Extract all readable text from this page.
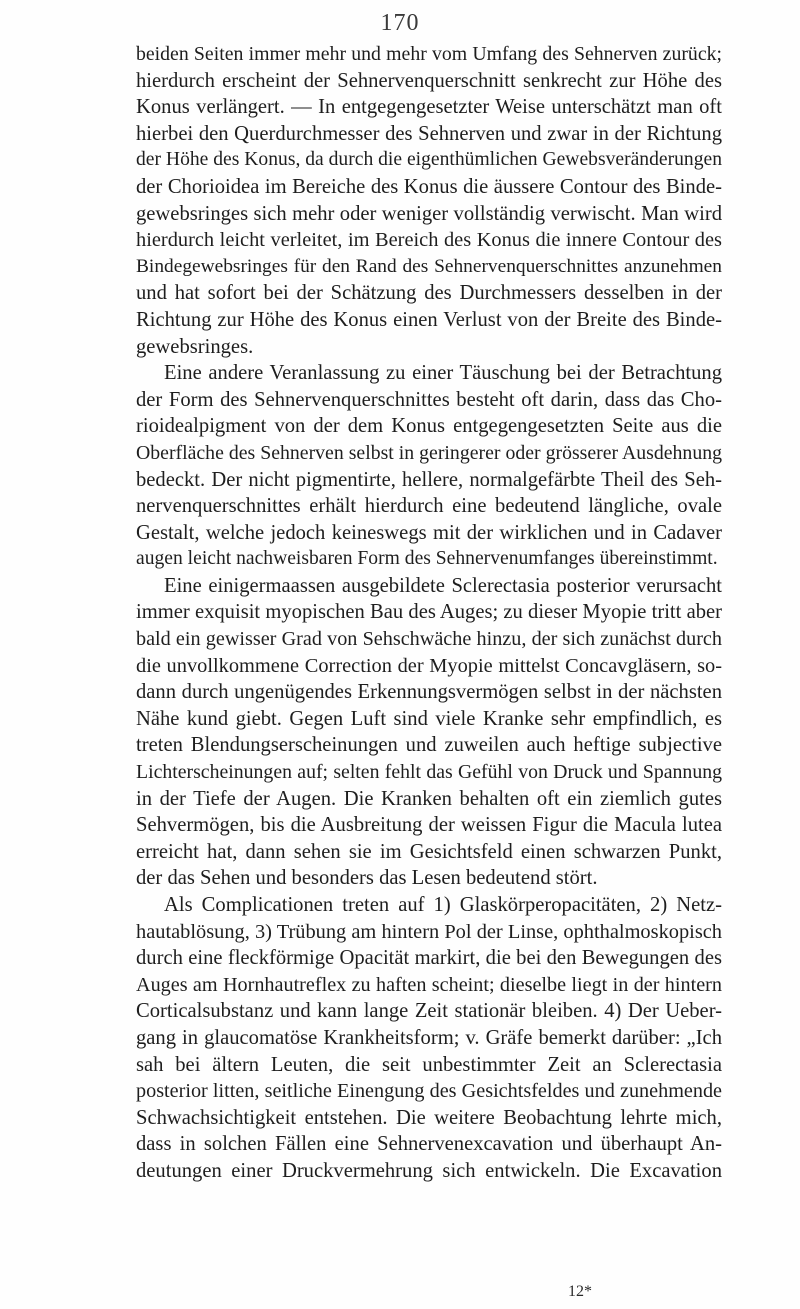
170
beiden Seiten immer mehr und mehr vom Umfang des Sehnerven zurück;
hierdurch erscheint der Sehnervenquerschnitt senkrecht zur Höhe des
Konus verlängert. — In entgegengesetzter Weise unterschätzt man oft
hierbei den Querdurchmesser des Sehnerven und zwar in der Richtung
der Höhe des Konus, da durch die eigenthümlichen Gewebsveränderungen
der Chorioidea im Bereiche des Konus die äussere Contour des Binde-
gewebsringes sich mehr oder weniger vollständig verwischt. Man wird
hierdurch leicht verleitet, im Bereich des Konus die innere Contour des
Bindegewebsringes für den Rand des Sehnervenquerschnittes anzunehmen
und hat sofort bei der Schätzung des Durchmessers desselben in der
Richtung zur Höhe des Konus einen Verlust von der Breite des Binde-
gewebsringes.
Eine andere Veranlassung zu einer Täuschung bei der Betrachtung
der Form des Sehnervenquerschnittes besteht oft darin, dass das Cho-
rioidealpigment von der dem Konus entgegengesetzten Seite aus die
Oberfläche des Sehnerven selbst in geringerer oder grösserer Ausdehnung
bedeckt. Der nicht pigmentirte, hellere, normalgefärbte Theil des Seh-
nervenquerschnittes erhält hierdurch eine bedeutend längliche, ovale
Gestalt, welche jedoch keineswegs mit der wirklichen und in Cadaver
augen leicht nachweisbaren Form des Sehnervenumfanges übereinstimmt.
Eine einigermaassen ausgebildete Sclerectasia posterior verursacht
immer exquisit myopischen Bau des Auges; zu dieser Myopie tritt aber
bald ein gewisser Grad von Sehschwäche hinzu, der sich zunächst durch
die unvollkommene Correction der Myopie mittelst Concavgläsern, so-
dann durch ungenügendes Erkennungsvermögen selbst in der nächsten
Nähe kund giebt. Gegen Luft sind viele Kranke sehr empfindlich, es
treten Blendungserscheinungen und zuweilen auch heftige subjective
Lichterscheinungen auf; selten fehlt das Gefühl von Druck und Spannung
in der Tiefe der Augen. Die Kranken behalten oft ein ziemlich gutes
Sehvermögen, bis die Ausbreitung der weissen Figur die Macula lutea
erreicht hat, dann sehen sie im Gesichtsfeld einen schwarzen Punkt,
der das Sehen und besonders das Lesen bedeutend stört.
Als Complicationen treten auf 1) Glaskörperopacitäten, 2) Netz-
hautablösung, 3) Trübung am hintern Pol der Linse, ophthalmoskopisch
durch eine fleckförmige Opacität markirt, die bei den Bewegungen des
Auges am Hornhautreflex zu haften scheint; dieselbe liegt in der hintern
Corticalsubstanz und kann lange Zeit stationär bleiben. 4) Der Ueber-
gang in glaucomatöse Krankheitsform; v. Gräfe bemerkt darüber: „Ich
sah bei ältern Leuten, die seit unbestimmter Zeit an Sclerectasia
posterior litten, seitliche Einengung des Gesichtsfeldes und zunehmende
Schwachsichtigkeit entstehen. Die weitere Beobachtung lehrte mich,
dass in solchen Fällen eine Sehnervenexcavation und überhaupt An-
deutungen einer Druckvermehrung sich entwickeln. Die Excavation
12*
